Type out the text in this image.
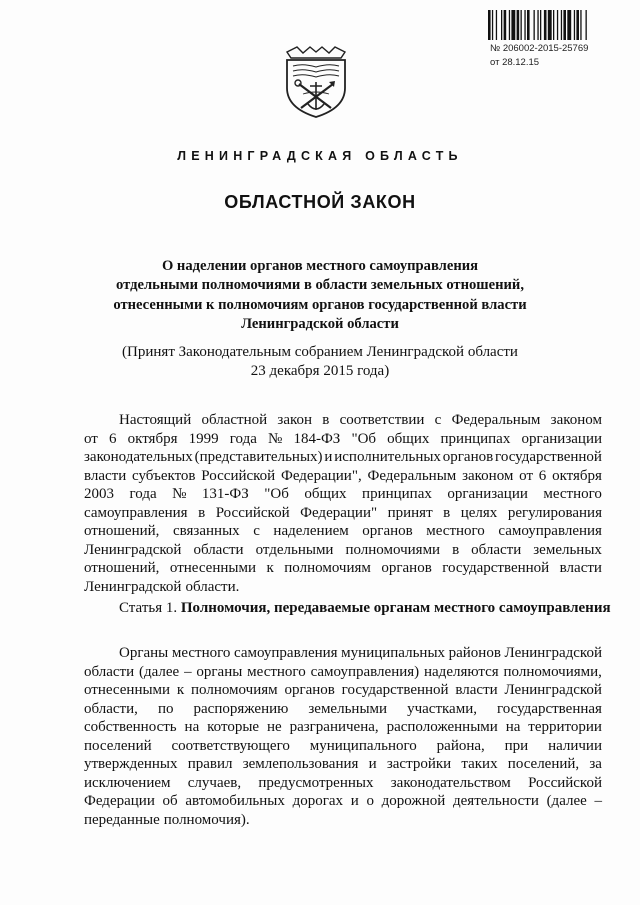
№ 206002-2015-25769
от 28.12.15
ЛЕНИНГРАДСКАЯ ОБЛАСТЬ
ОБЛАСТНОЙ ЗАКОН
О наделении органов местного самоуправления
отдельными полномочиями в области земельных отношений,
отнесенными к полномочиям органов государственной власти
Ленинградской области
(Принят Законодательным собранием Ленинградской области
23 декабря 2015 года)
Настоящий областной закон в соответствии с Федеральным законом
от 6 октября 1999 года № 184-ФЗ "Об общих принципах организации
законодательных (представительных) и исполнительных органов государственной
власти субъектов Российской Федерации", Федеральным законом от 6 октября
2003 года № 131-ФЗ "Об общих принципах организации местного
самоуправления в Российской Федерации" принят в целях регулирования
отношений, связанных с наделением органов местного самоуправления
Ленинградской области отдельными полномочиями в области земельных
отношений, отнесенными к полномочиям органов государственной власти
Ленинградской области.
Статья 1. Полномочия, передаваемые органам местного самоуправления
Органы местного самоуправления муниципальных районов Ленинградской
области (далее – органы местного самоуправления) наделяются полномочиями,
отнесенными к полномочиям органов государственной власти Ленинградской
области, по распоряжению земельными участками, государственная
собственность на которые не разграничена, расположенными на территории
поселений соответствующего муниципального района, при наличии
утвержденных правил землепользования и застройки таких поселений, за
исключением случаев, предусмотренных законодательством Российской
Федерации об автомобильных дорогах и о дорожной деятельности (далее –
переданные полномочия).
